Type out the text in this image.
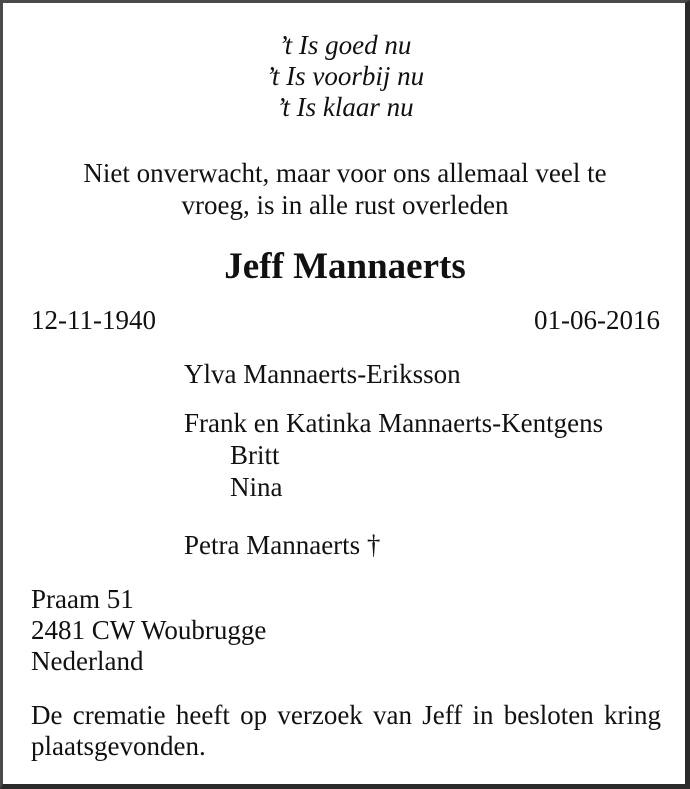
’t Is goed nu
’t Is voorbij nu
’t Is klaar nu
Niet onverwacht, maar voor ons allemaal veel te
vroeg, is in alle rust overleden
Jeff Mannaerts
12-11-1940	01-06-2016
Ylva Mannaerts-Eriksson
Frank en Katinka Mannaerts-Kentgens
Britt
Nina
Petra Mannaerts †
Praam 51
2481 CW Woubrugge
Nederland
De crematie heeft op verzoek van Jeff in besloten kring plaatsgevonden.
